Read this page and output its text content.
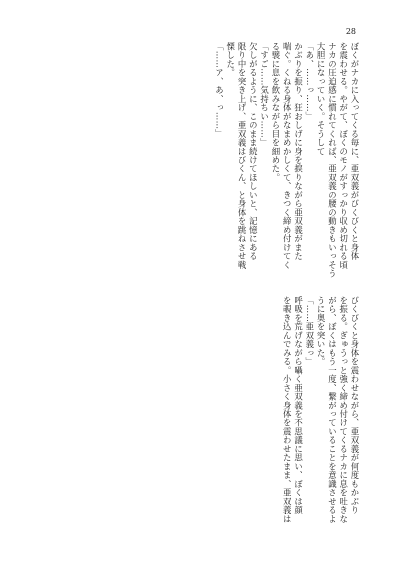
28
ぼくがナカに入ってくる毎に、亜双義がびくびくと身体
を震わせる。やがて、ぼくのモノがすっかり収め切れる頃
ナカの圧迫感に慣れてくれば、亜双義の腰の動きもいっそう
大胆になっていく。そうして
「あ、……っ……」
かぶりを振り、狂おしげに身を捩りながら亜双義がまた
喘ぐ。くねる身体がなまめかしくて、きつく締め付けてく
る襞に息を飲みながら目を細めた。
「すご……気持ちい……」
欠しがるように、このまま続けてほしいと、記憶にある
限り中を突き上げ、亜双義はびくん、と身体を跳ねさせ戦
慄した。
「……ア、あ、っ……」
びくびくと身体を震わせながら、亜双義が何度もかぶり
を振る。ぎゅうっと強く締め付けてくるナカに息を吐きな
がら、ぼくはもう一度、繋がっていることを意識させるよ
うに奥を突いた。
「……亜双義っ」
呼吸を荒げながら囁く亜双義を不思議に思い、ぼくは顔
を覗き込んでみる。小さく身体を震わせたまま、亜双義は
